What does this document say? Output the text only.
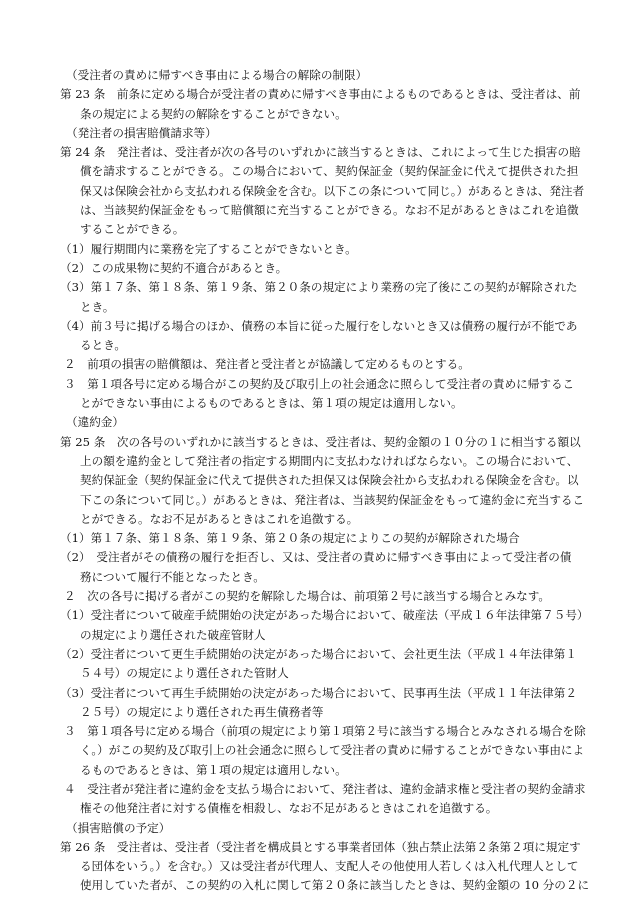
（受注者の責めに帰すべき事由による場合の解除の制限）
第 23 条　前条に定める場合が受注者の責めに帰すべき事由によるものであるときは、受注者は、前
条の規定による契約の解除をすることができない。
（発注者の損害賠償請求等）
第 24 条　発注者は、受注者が次の各号のいずれかに該当するときは、これによって生じた損害の賠
償を請求することができる。この場合において、契約保証金（契約保証金に代えて提供された担
保又は保険会社から支払われる保険金を含む。以下この条について同じ。）があるときは、発注者
は、当該契約保証金をもって賠償額に充当することができる。なお不足があるときはこれを追徴
することができる。
（1）履行期間内に業務を完了することができないとき。
（2）この成果物に契約不適合があるとき。
（3）第１７条、第１８条、第１９条、第２０条の規定により業務の完了後にこの契約が解除された
とき。
（4）前３号に掲げる場合のほか、債務の本旨に従った履行をしないとき又は債務の履行が不能であ
るとき。
２　前項の損害の賠償額は、発注者と受注者とが協議して定めるものとする。
３　第１項各号に定める場合がこの契約及び取引上の社会通念に照らして受注者の責めに帰するこ
とができない事由によるものであるときは、第１項の規定は適用しない。
（違約金）
第 25 条　次の各号のいずれかに該当するときは、受注者は、契約金額の１０分の１に相当する額以
上の額を違約金として発注者の指定する期間内に支払わなければならない。この場合において、
契約保証金（契約保証金に代えて提供された担保又は保険会社から支払われる保険金を含む。以
下この条について同じ。）があるときは、発注者は、当該契約保証金をもって違約金に充当するこ
とができる。なお不足があるときはこれを追徴する。
（1）第１７条、第１８条、第１９条、第２０条の規定によりこの契約が解除された場合
（2）　受注者がその債務の履行を拒否し、又は、受注者の責めに帰すべき事由によって受注者の債
務について履行不能となったとき。
２　次の各号に掲げる者がこの契約を解除した場合は、前項第２号に該当する場合とみなす。
（1）受注者について破産手続開始の決定があった場合において、破産法（平成１６年法律第７５号）
の規定により選任された破産管財人
（2）受注者について更生手続開始の決定があった場合において、会社更生法（平成１４年法律第１
５４号）の規定により選任された管財人
（3）受注者について再生手続開始の決定があった場合において、民事再生法（平成１１年法律第２
２５号）の規定により選任された再生債務者等
３　第１項各号に定める場合（前項の規定により第１項第２号に該当する場合とみなされる場合を除
く。）がこの契約及び取引上の社会通念に照らして受注者の責めに帰することができない事由によ
るものであるときは、第１項の規定は適用しない。
４　受注者が発注者に違約金を支払う場合において、発注者は、違約金請求権と受注者の契約金請求
権その他発注者に対する債権を相殺し、なお不足があるときはこれを追徴する。
（損害賠償の予定）
第 26 条　受注者は、受注者（受注者を構成員とする事業者団体（独占禁止法第２条第２項に規定す
る団体をいう。）を含む。）又は受注者が代理人、支配人その他使用人若しくは入札代理人として
使用していた者が、この契約の入札に関して第２０条に該当したときは、契約金額の 10 分の２に
